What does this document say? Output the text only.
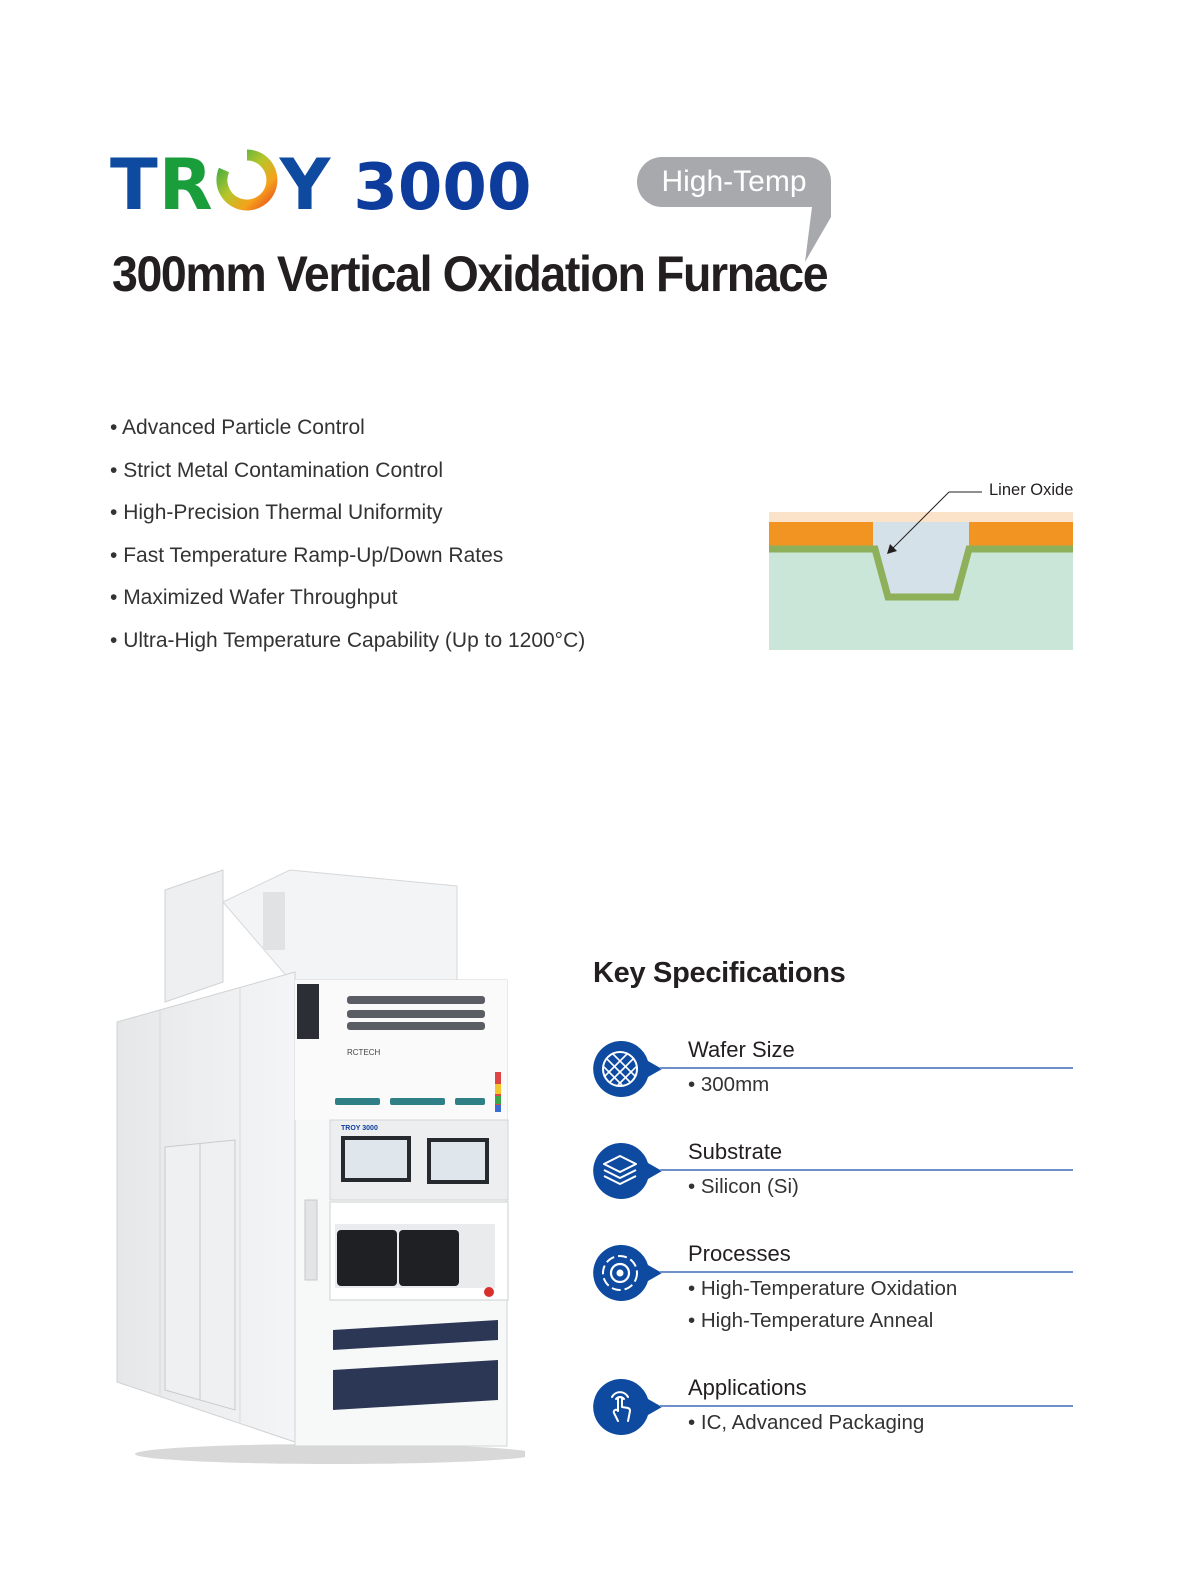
TR	O Y 3000	High-Temp
300mm Vertical Oxidation Furnace
• Advanced Particle Control
• Strict Metal Contamination Control
• High-Precision Thermal Uniformity
• Fast Temperature Ramp-Up/Down Rates
• Maximized Wafer Throughput
• Ultra-High Temperature Capability (Up to 1200°C)
Liner Oxide
RCTECH
TROY 3000
Key Specifications
Wafer Size
• 300mm
Substrate
• Silicon (Si)
Processes
• High-Temperature Oxidation
• High-Temperature Anneal
Applications
• IC, Advanced Packaging
